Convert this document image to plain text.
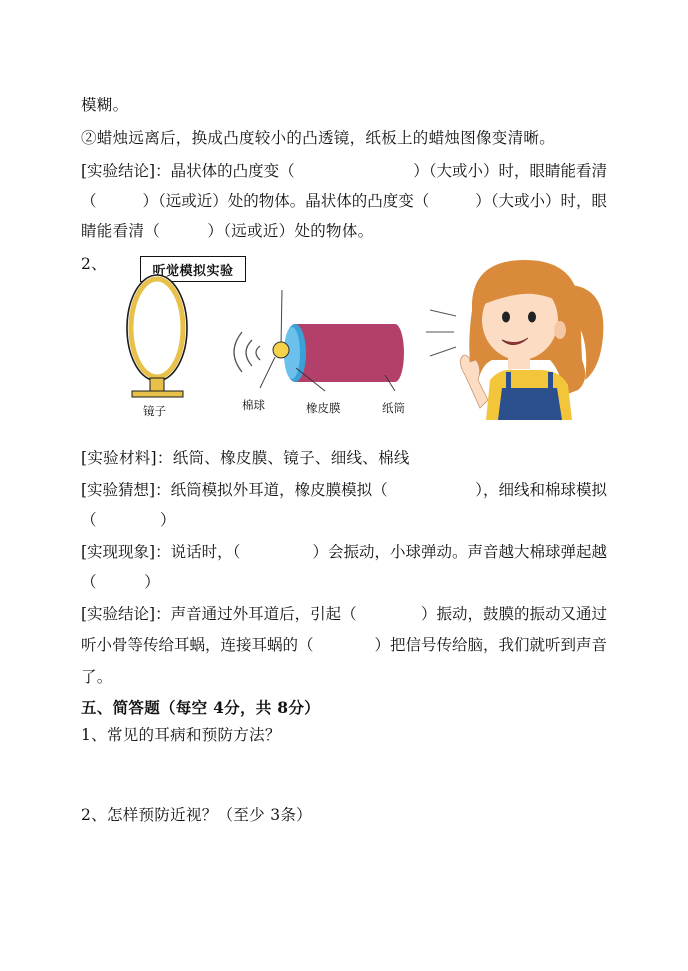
模糊。
②蜡烛远离后，换成凸度较小的凸透镜，纸板上的蜡烛图像变清晰。
[实验结论]：晶状体的凸度变（	）（大或小）时，眼睛能看清
（	）（远或近）处的物体。晶状体的凸度变（	）（大或小）时，眼
睛能看清（　　　）（远或近）处的物体。
2、	听觉模拟实验
镜子	棉球	橡皮膜	纸筒
[实验材料]：纸筒、橡皮膜、镜子、细线、棉线
[实验猜想]：纸筒模拟外耳道，橡皮膜模拟（	），细线和棉球模拟
（　　　　）
[实现现象]：说话时，（	）会振动，小球弹动。声音越大棉球弹起越
（　　　）
[实验结论]：声音通过外耳道后，引起（	）振动，鼓膜的振动又通过
听小骨等传给耳蜗，连接耳蜗的（	）把信号传给脑，我们就听到声音
了。
五、简答题（每空 4分，共 8分）
1、常见的耳病和预防方法？
2、怎样预防近视？（至少 3条）
